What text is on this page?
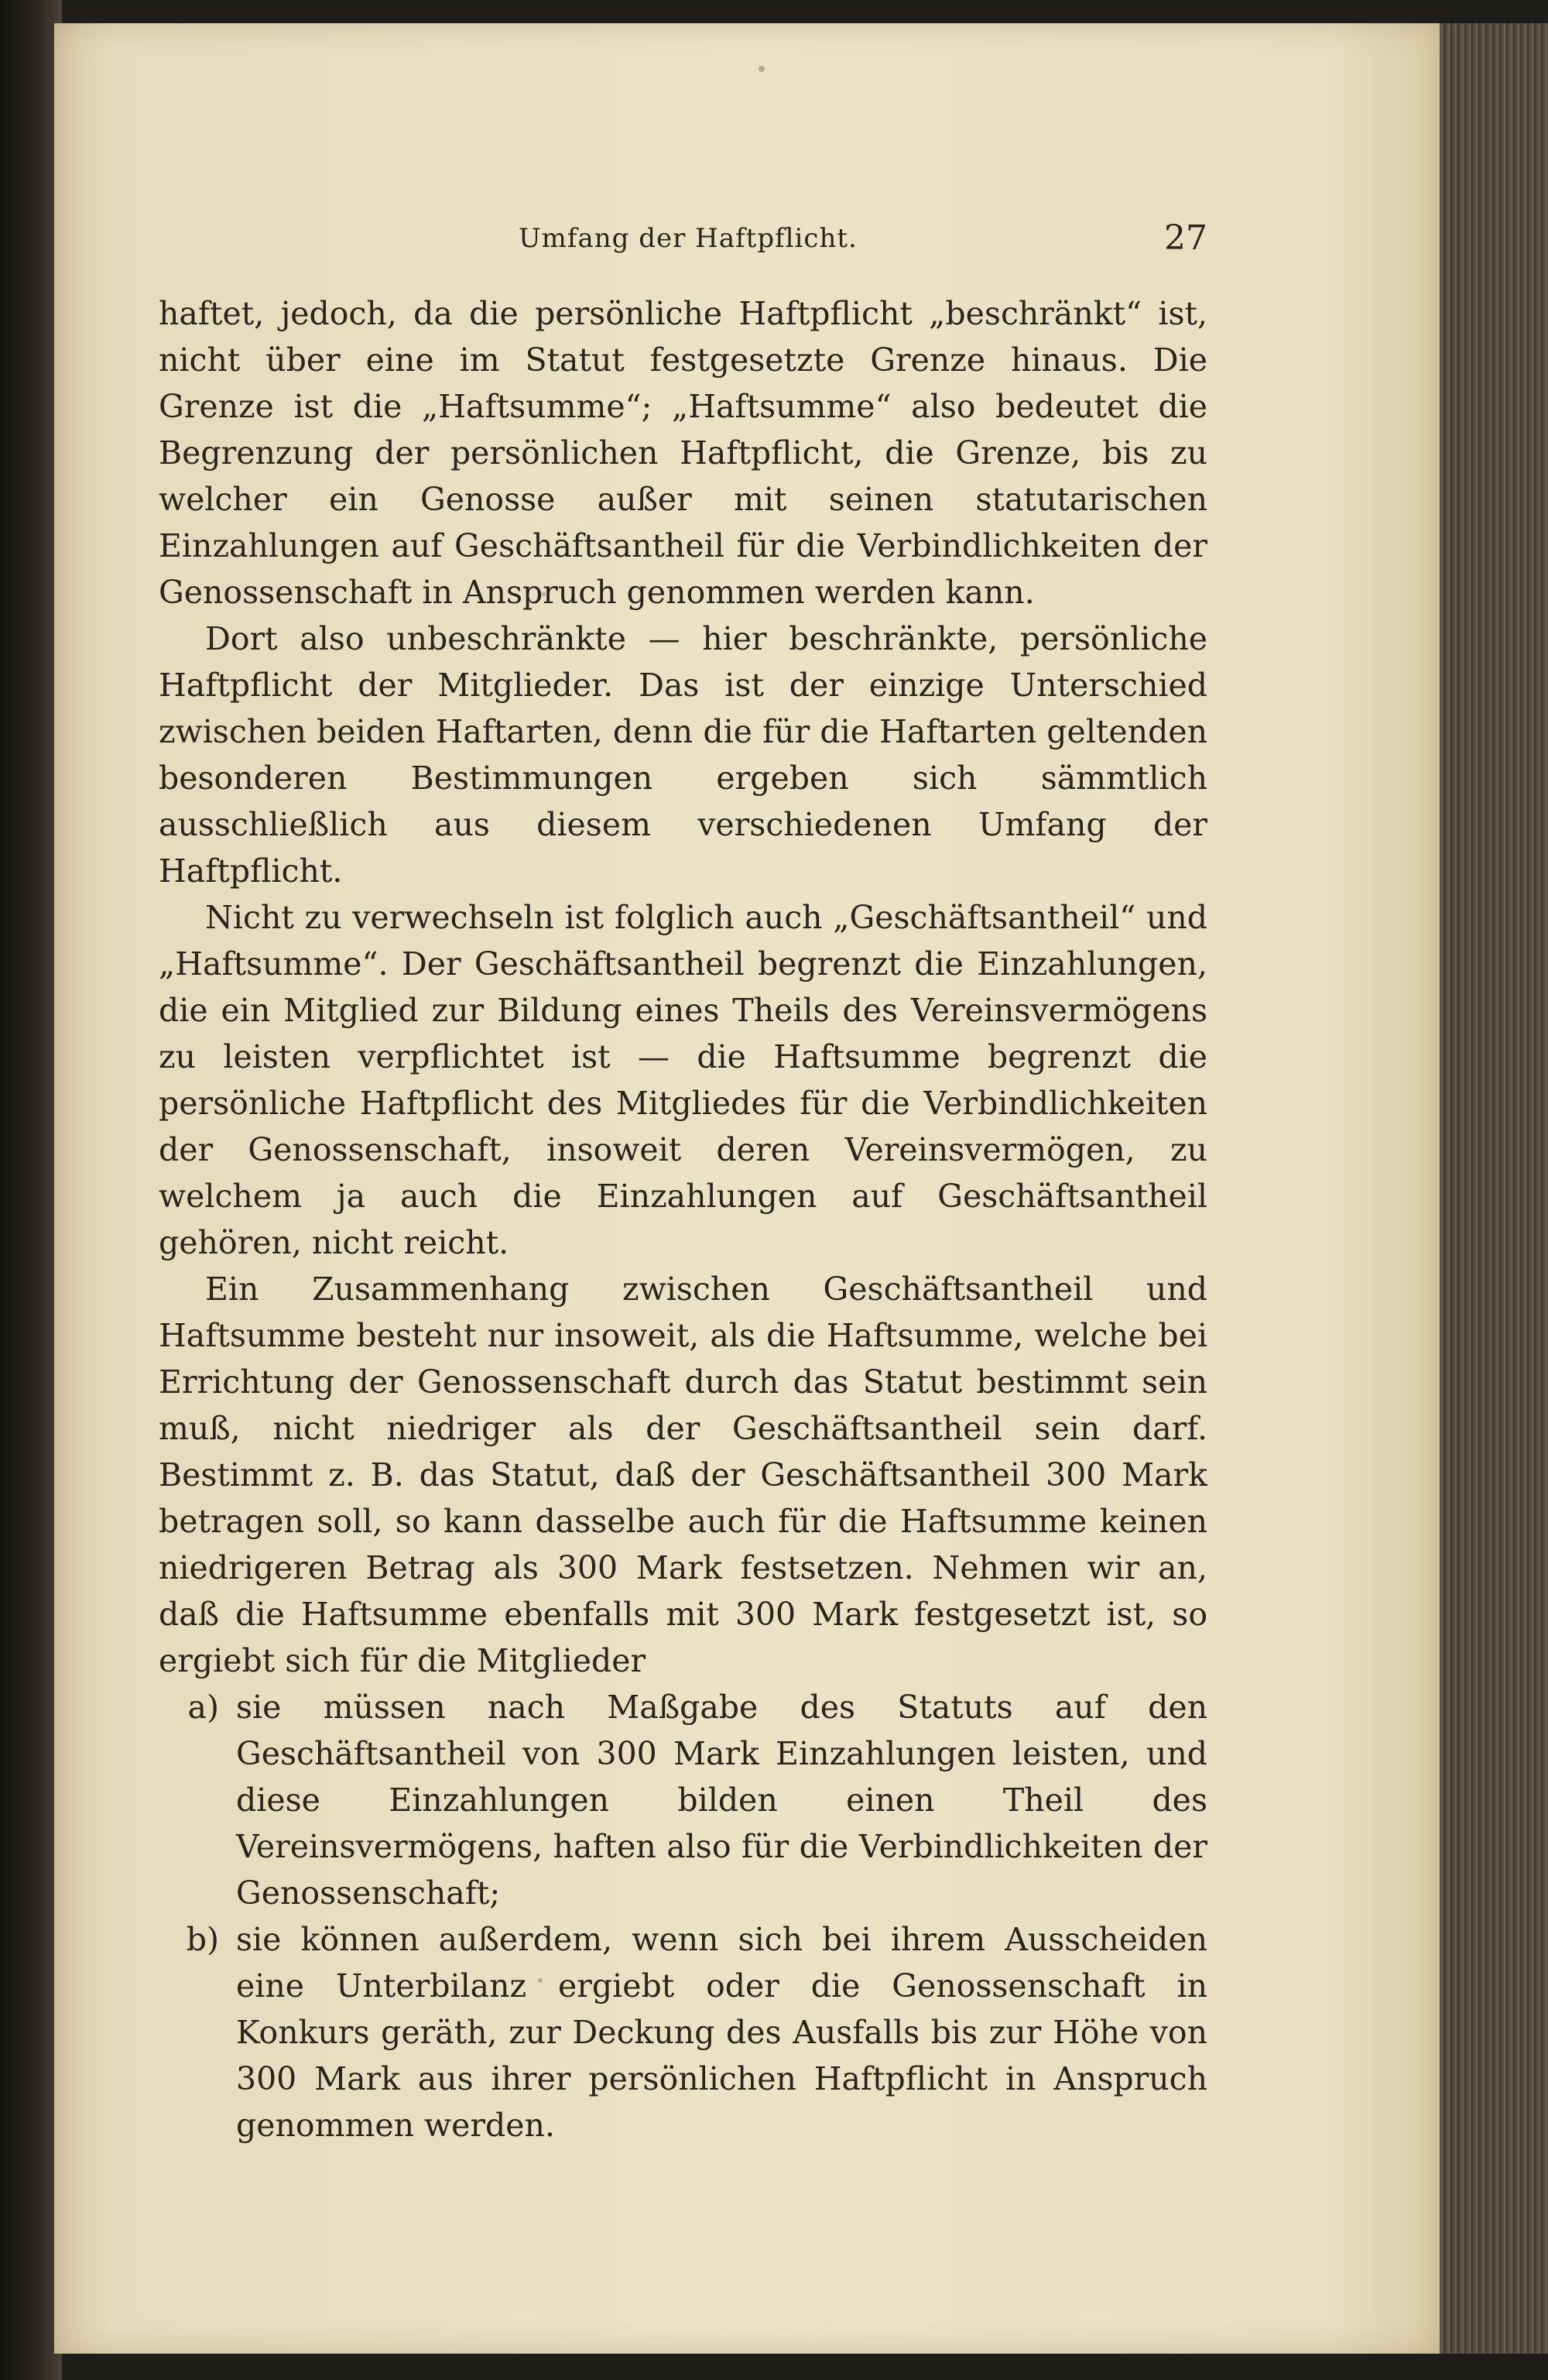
Umfang der Haftpflicht.	27

haftet, jedoch, da die persönliche Haftpflicht „beschränkt“ ist, nicht über eine im Statut festgesetzte Grenze hinaus. Die Grenze ist die „Haftsumme“; „Haftsumme“ also bedeutet die Begrenzung der persönlichen Haftpflicht, die Grenze, bis zu welcher ein Genosse außer mit seinen statutarischen Einzahlungen auf Geschäftsantheil für die Verbindlichkeiten der Genossenschaft in Anspruch genommen werden kann.

Dort also unbeschränkte — hier beschränkte, persönliche Haftpflicht der Mitglieder. Das ist der einzige Unterschied zwischen beiden Haftarten, denn die für die Haftarten geltenden besonderen Bestimmungen ergeben sich sämmtlich ausschließlich aus diesem verschiedenen Umfang der Haftpflicht.

Nicht zu verwechseln ist folglich auch „Geschäftsantheil“ und „Haftsumme“. Der Geschäftsantheil begrenzt die Einzahlungen, die ein Mitglied zur Bildung eines Theils des Vereinsvermögens zu leisten verpflichtet ist — die Haftsumme begrenzt die persönliche Haftpflicht des Mitgliedes für die Verbindlichkeiten der Genossenschaft, insoweit deren Vereinsvermögen, zu welchem ja auch die Einzahlungen auf Geschäftsantheil gehören, nicht reicht.

Ein Zusammenhang zwischen Geschäftsantheil und Haftsumme besteht nur insoweit, als die Haftsumme, welche bei Errichtung der Genossenschaft durch das Statut bestimmt sein muß, nicht niedriger als der Geschäftsantheil sein darf. Bestimmt z. B. das Statut, daß der Geschäftsantheil 300 Mark betragen soll, so kann dasselbe auch für die Haftsumme keinen niedrigeren Betrag als 300 Mark festsetzen. Nehmen wir an, daß die Haftsumme ebenfalls mit 300 Mark festgesetzt ist, so ergiebt sich für die Mitglieder

a) sie müssen nach Maßgabe des Statuts auf den Geschäftsantheil von 300 Mark Einzahlungen leisten, und diese Einzahlungen bilden einen Theil des Vereinsvermögens, haften also für die Verbindlichkeiten der Genossenschaft;
b) sie können außerdem, wenn sich bei ihrem Ausscheiden eine Unterbilanz ergiebt oder die Genossenschaft in Konkurs geräth, zur Deckung des Ausfalls bis zur Höhe von 300 Mark aus ihrer persönlichen Haftpflicht in Anspruch genommen werden.
